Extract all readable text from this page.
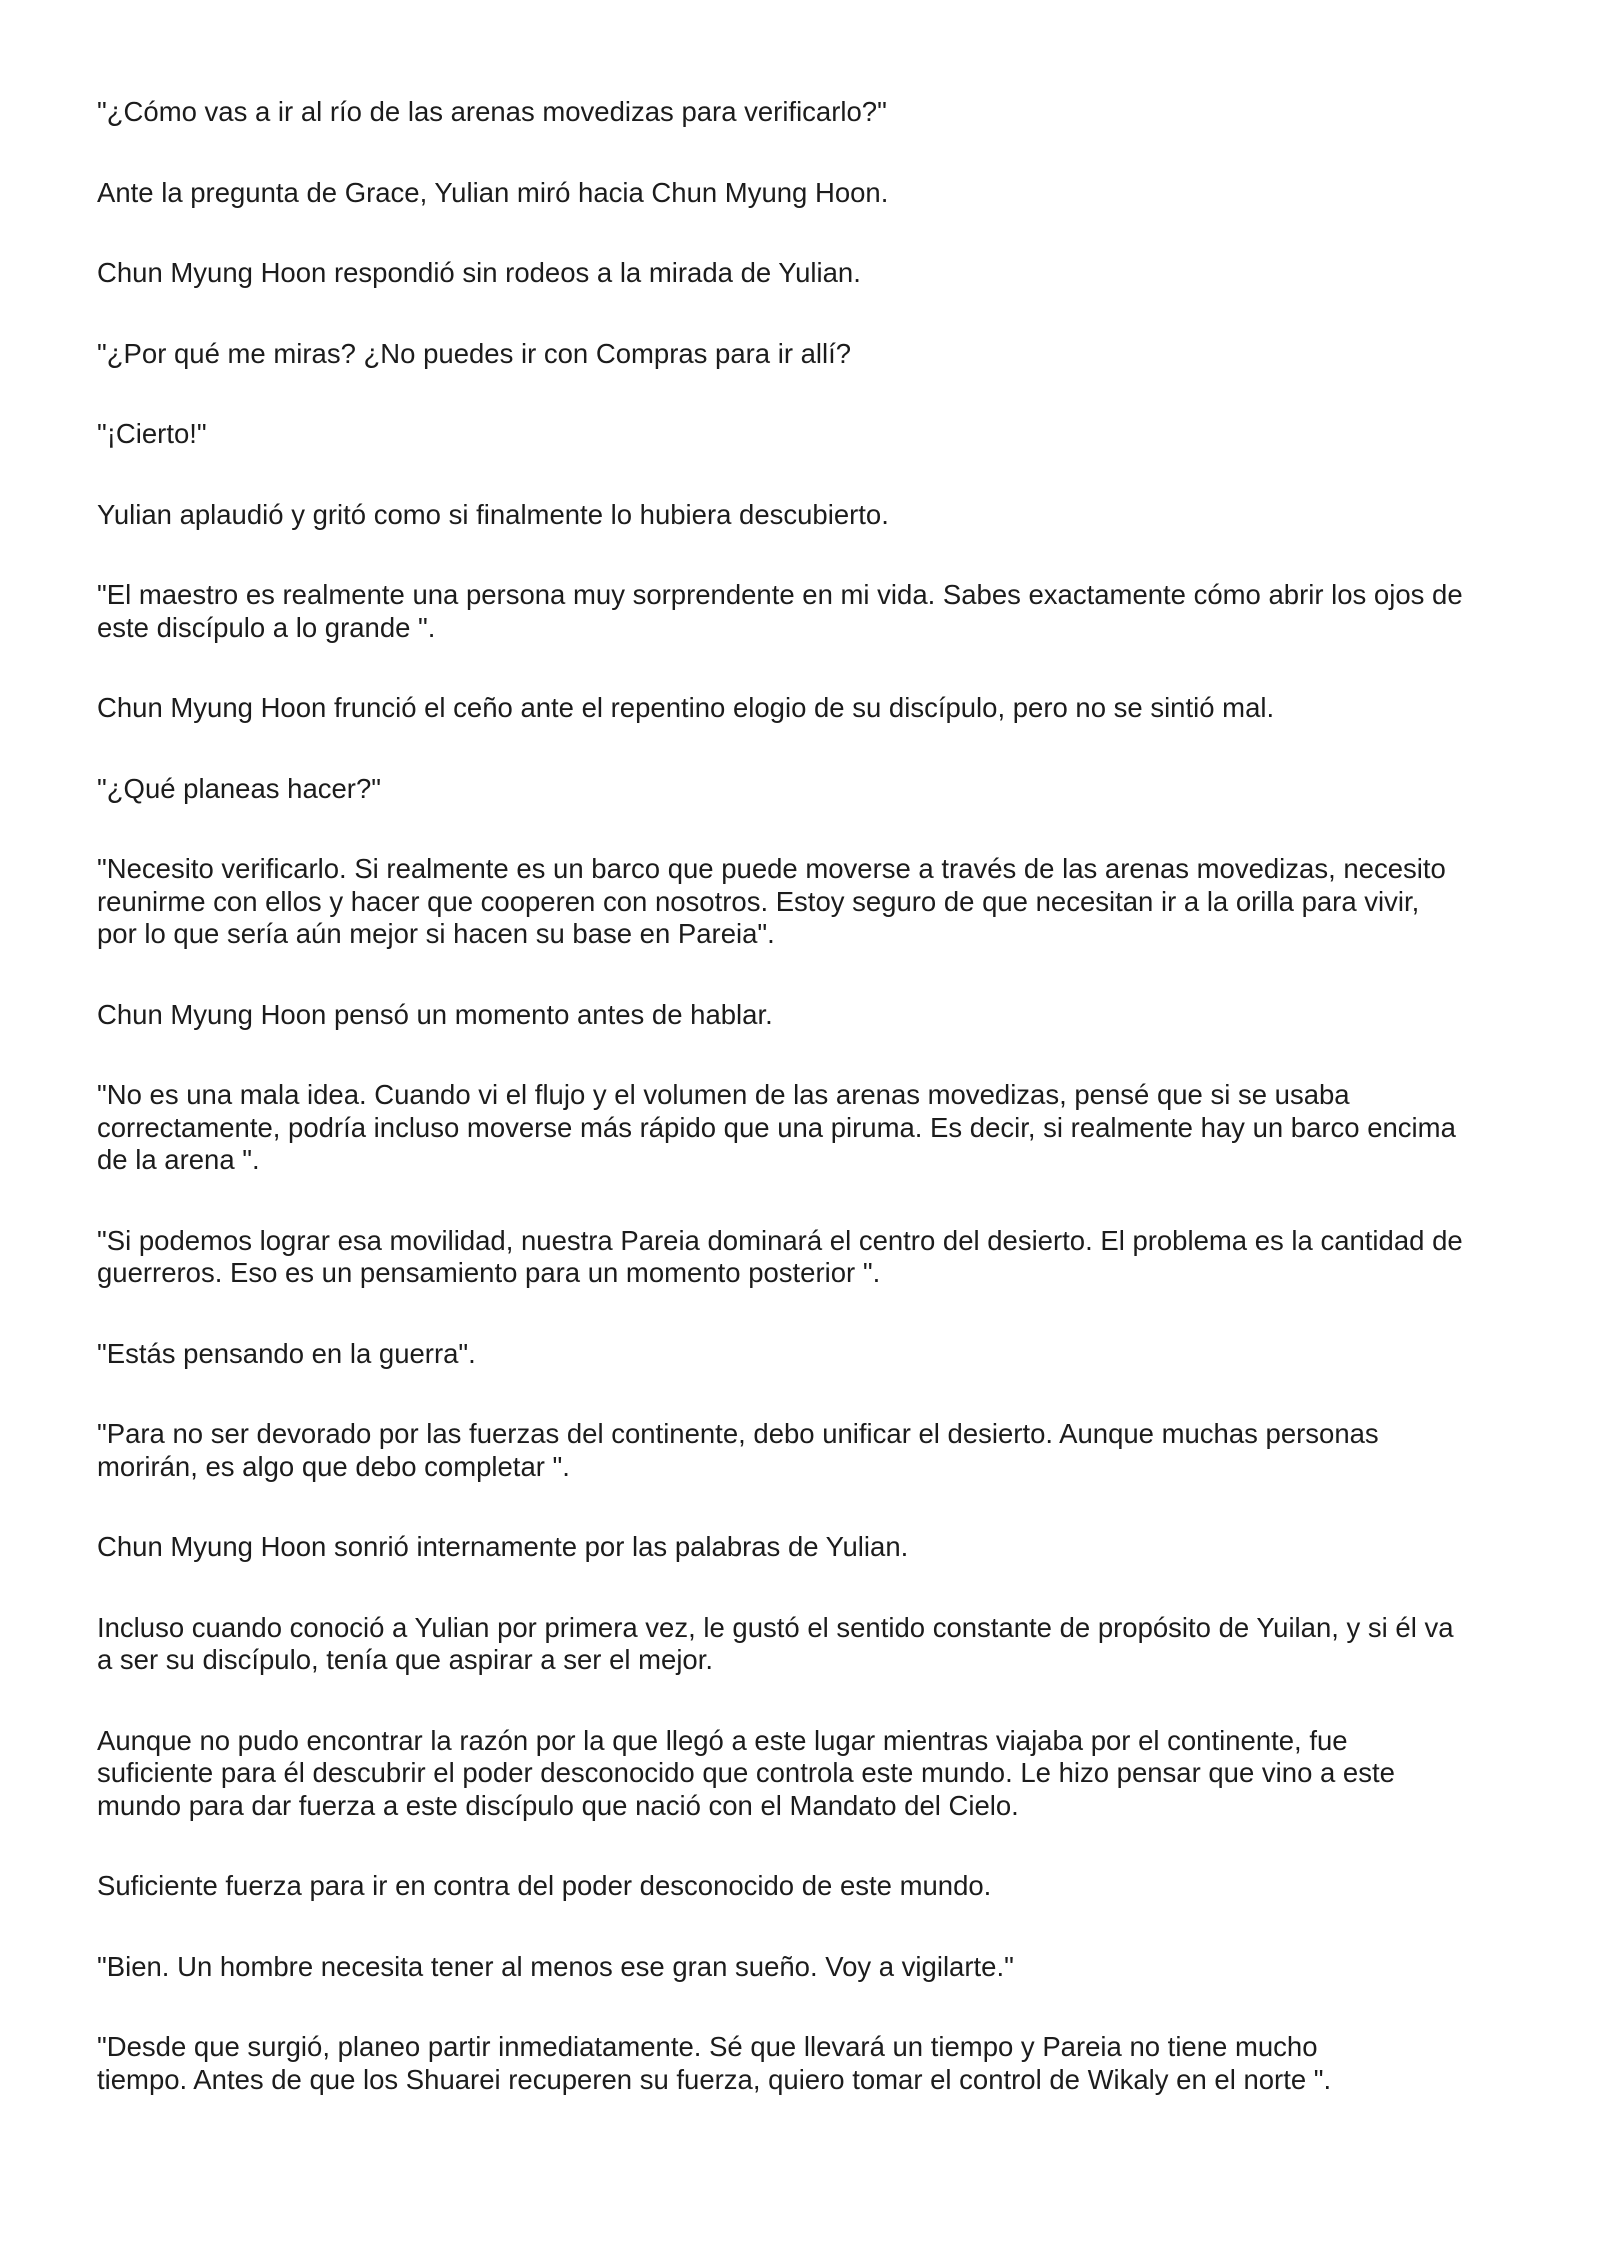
"¿Cómo vas a ir al río de las arenas movedizas para verificarlo?"

Ante la pregunta de Grace, Yulian miró hacia Chun Myung Hoon.

Chun Myung Hoon respondió sin rodeos a la mirada de Yulian.

"¿Por qué me miras? ¿No puedes ir con Compras para ir allí?

"¡Cierto!"

Yulian aplaudió y gritó como si finalmente lo hubiera descubierto.

"El maestro es realmente una persona muy sorprendente en mi vida. Sabes exactamente cómo abrir los ojos de
este discípulo a lo grande ".

Chun Myung Hoon frunció el ceño ante el repentino elogio de su discípulo, pero no se sintió mal.

"¿Qué planeas hacer?"

"Necesito verificarlo. Si realmente es un barco que puede moverse a través de las arenas movedizas, necesito
reunirme con ellos y hacer que cooperen con nosotros. Estoy seguro de que necesitan ir a la orilla para vivir,
por lo que sería aún mejor si hacen su base en Pareia".

Chun Myung Hoon pensó un momento antes de hablar.

"No es una mala idea. Cuando vi el flujo y el volumen de las arenas movedizas, pensé que si se usaba
correctamente, podría incluso moverse más rápido que una piruma. Es decir, si realmente hay un barco encima
de la arena ".

"Si podemos lograr esa movilidad, nuestra Pareia dominará el centro del desierto. El problema es la cantidad de
guerreros. Eso es un pensamiento para un momento posterior ".

"Estás pensando en la guerra".

"Para no ser devorado por las fuerzas del continente, debo unificar el desierto. Aunque muchas personas
morirán, es algo que debo completar ".

Chun Myung Hoon sonrió internamente por las palabras de Yulian.

Incluso cuando conoció a Yulian por primera vez, le gustó el sentido constante de propósito de Yuilan, y si él va
a ser su discípulo, tenía que aspirar a ser el mejor.

Aunque no pudo encontrar la razón por la que llegó a este lugar mientras viajaba por el continente, fue
suficiente para él descubrir el poder desconocido que controla este mundo. Le hizo pensar que vino a este
mundo para dar fuerza a este discípulo que nació con el Mandato del Cielo.

Suficiente fuerza para ir en contra del poder desconocido de este mundo.

"Bien. Un hombre necesita tener al menos ese gran sueño. Voy a vigilarte."

"Desde que surgió, planeo partir inmediatamente. Sé que llevará un tiempo y Pareia no tiene mucho
tiempo. Antes de que los Shuarei recuperen su fuerza, quiero tomar el control de Wikaly en el norte ".
